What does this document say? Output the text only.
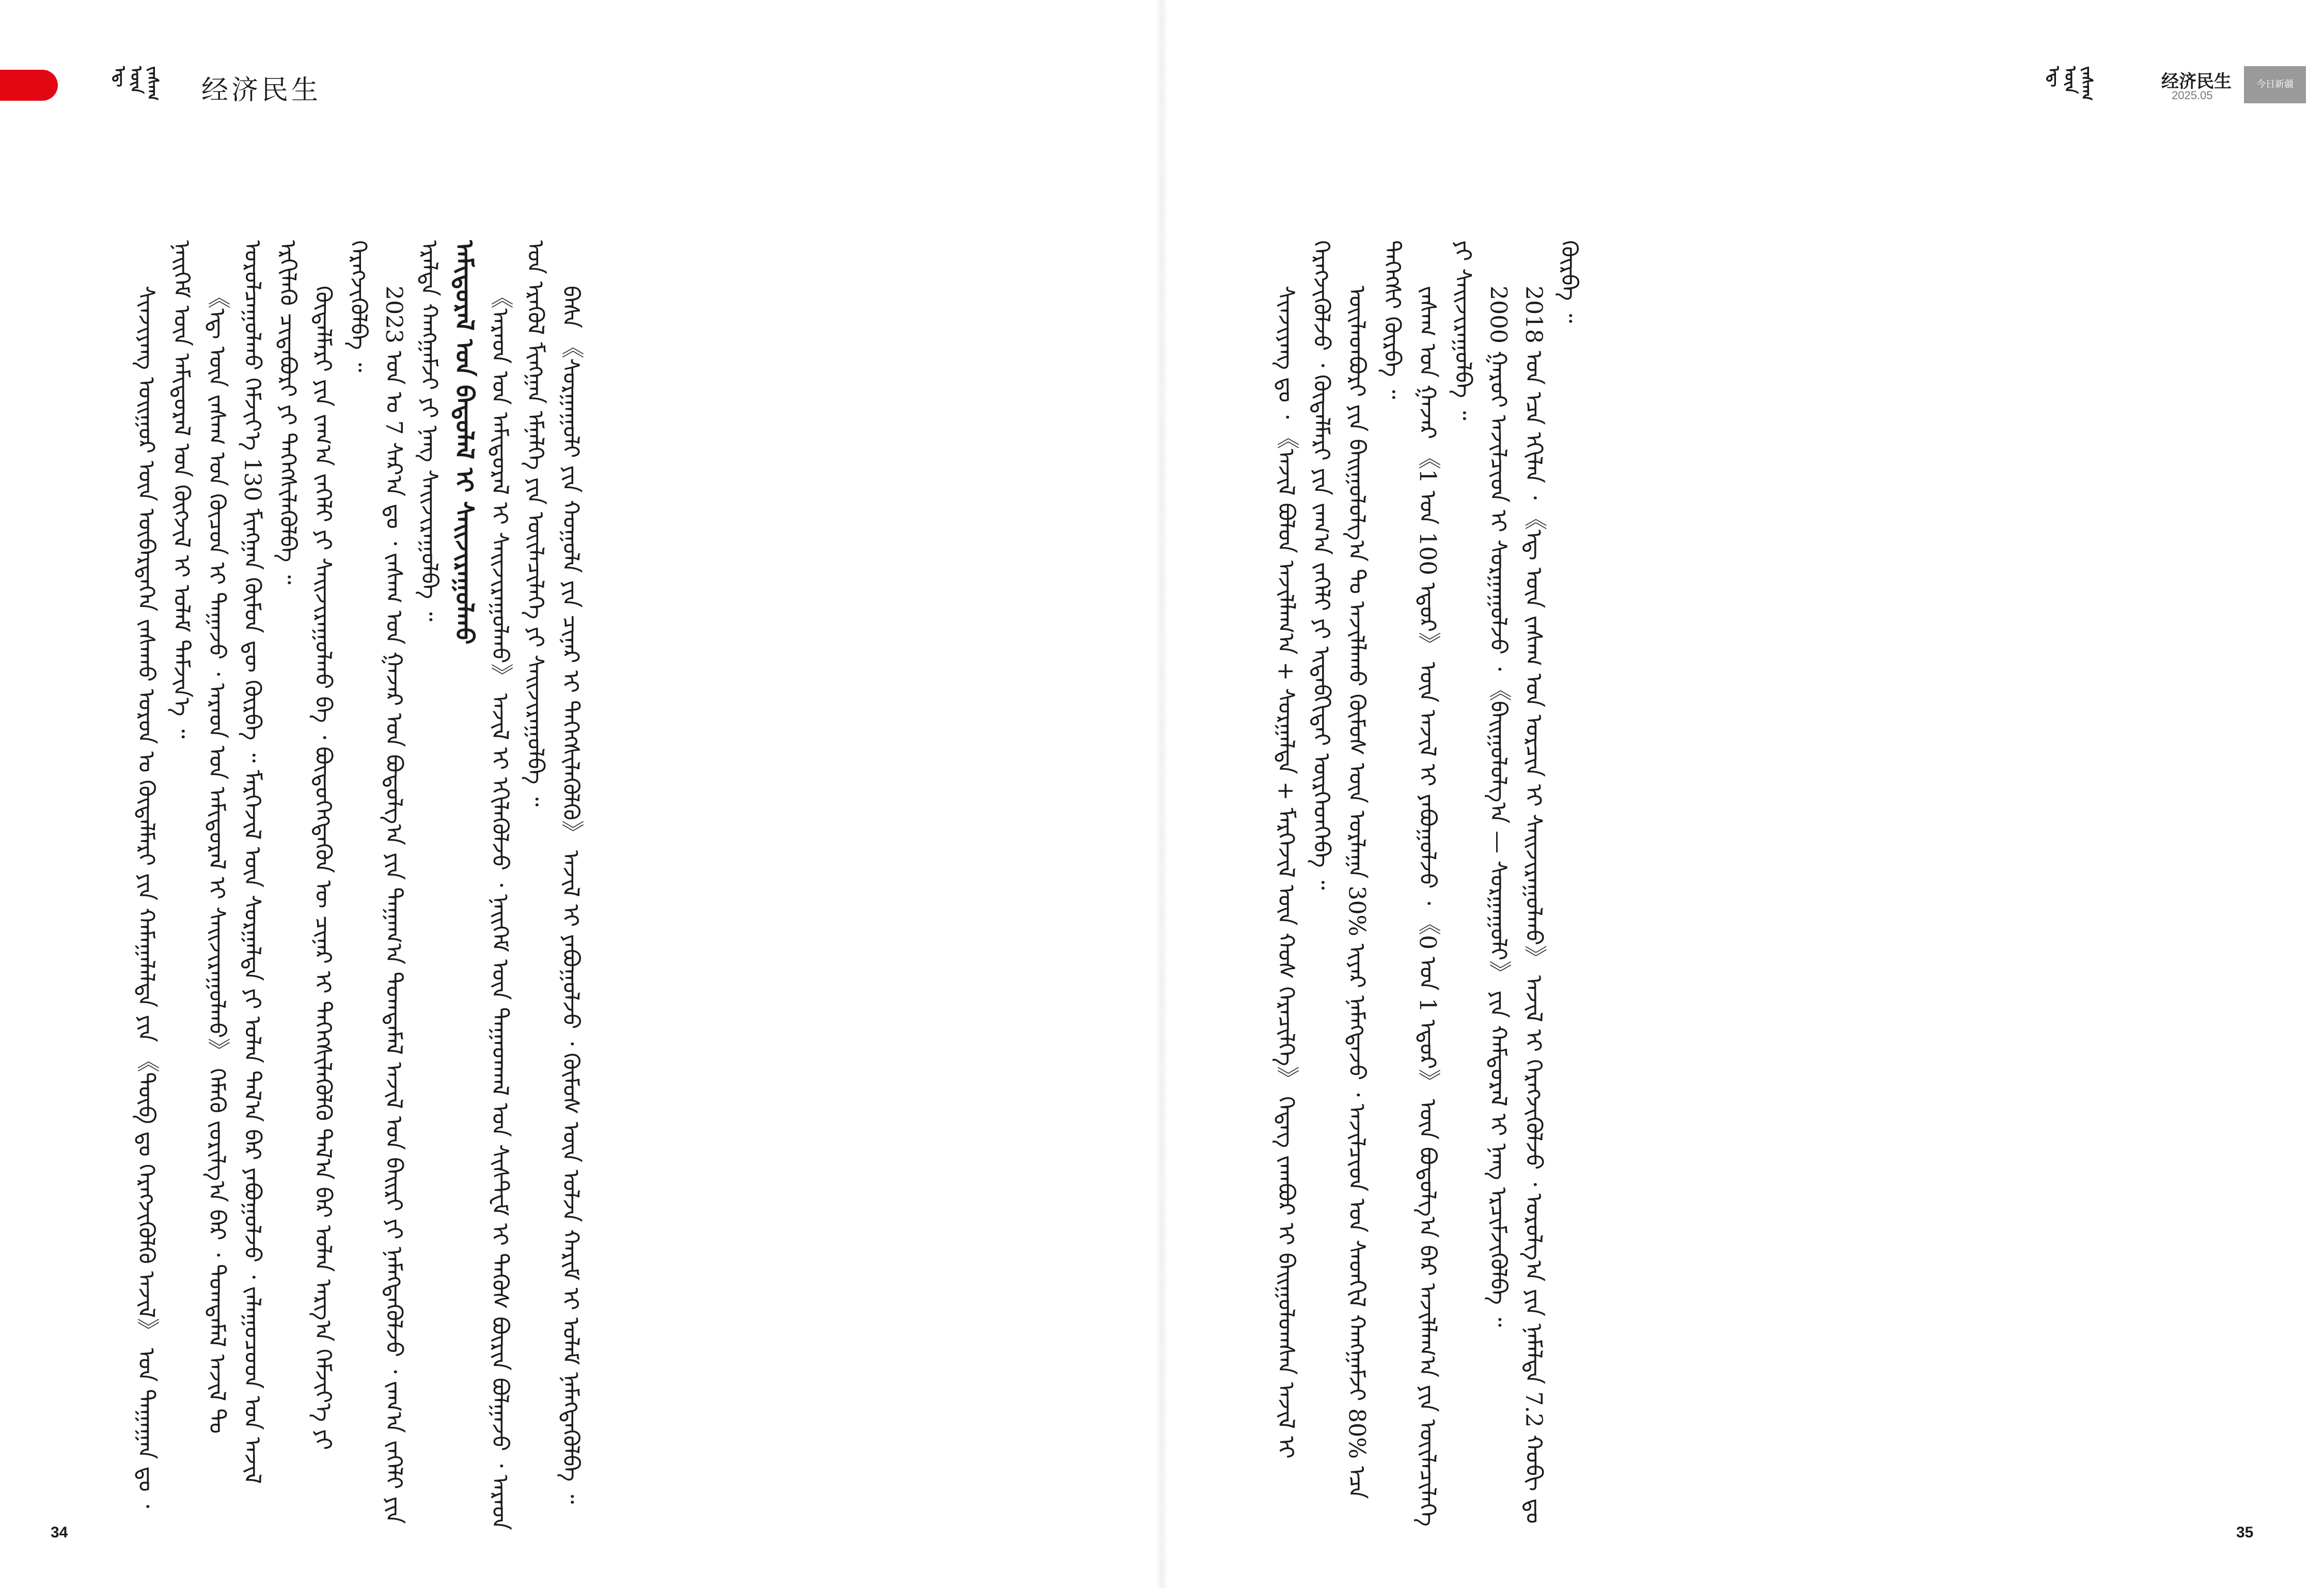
ᠡᠳ᠋ ᠦᠨ ᠵᠠᠰᠠᠭ	经济民生

ᠰᠢᠨᠵᠢᠶᠠᠩ ᠤᠢᠭᠤᠷ ᠦᠨ ᠥᠪᠡᠷᠲᠡᠭᠡᠨ ᠵᠠᠰᠠᠬᠤ ᠣᠷᠤᠨ ᠤ ᠬᠥᠳᠡᠯᠮᠡᠷᠢ ᠶᠢᠨ ᠬᠠᠮᠠᠭᠠᠯᠠᠯᠲᠠ ᠶᠢᠨ 《ᠲᠥᠪ ᠳᠤ ᠬᠡᠷᠡᠭᠵᠢᠭᠦᠯᠬᠦ ᠠᠵᠢᠯ》 ᠤᠨ ᠳᠠᠭᠠᠭᠠᠨ ᠳᠤ ᠂ ᠨᠡᠢᠭᠡᠮ ᠦᠨ ᠠᠮᠢᠳᠤᠷᠠᠯ ᠤᠨ ᠬᠥᠭᠵᠢᠯ ᠢ ᠤᠯᠠᠮ ᠳᠡᠮᠵᠢᠨ᠎ᠡ ᠃ 《ᠡᠳ᠋ ᠦᠨ ᠵᠠᠰᠠᠭ ᠤᠨ ᠬᠦᠴᠦᠨ ᠢ ᠳᠠᠭᠠᠵᠤ ᠂ ᠠᠷᠠᠳ ᠤᠨ ᠠᠮᠢᠳᠤᠷᠠᠯ ᠢ ᠰᠠᠢᠵᠢᠷᠠᠭᠤᠯᠬᠤ》 ᠬᠡᠮᠡᠬᠦ ᠵᠣᠷᠢᠯᠭ᠎ᠠ ᠪᠠᠷ ᠂ ᠲᠣᠭᠲᠠᠮᠠᠯ ᠠᠵᠢᠯ ᠲᠤ ᠣᠷᠤᠯᠴᠠᠭᠤᠯᠬᠤ ᠬᠡᠮᠵᠢᠶ᠎ᠡ 130 ᠮᠢᠩᠭ᠋ᠠᠨ ᠬᠦᠮᠦᠨ ᠳᠦ ᠬᠦᠷᠪᠡ ᠃ ᠮᠡᠷᠭᠡᠵᠢᠯ ᠦᠨ ᠰᠤᠷᠭᠠᠯᠲᠠ ᠶᠢ ᠣᠯᠠᠨ ᠲᠠᠯ᠎ᠠ ᠪᠠᠷ ᠶᠠᠪᠤᠭᠤᠯᠵᠤ ᠂ ᠵᠠᠯᠠᠭᠤᠴᠤᠳ ᠤᠨ ᠠᠵᠢᠯ ᠡᠷᠬᠢᠯᠡᠬᠦ ᠴᠢᠳᠠᠪᠤᠷᠢ ᠶᠢ ᠳᠡᠭᠡᠭᠰᠢᠯᠡᠭᠦᠯᠪᠡ ᠃ ᠬᠥᠳᠡᠯᠮᠡᠷᠢ ᠶᠢᠨ ᠵᠠᠬ᠎ᠠ ᠵᠡᠭᠡᠯᠢ ᠶᠢ ᠰᠠᠢᠵᠢᠷᠠᠭᠤᠯᠬᠤ ᠪᠠ ᠂ ᠪᠦᠲᠦᠭᠡᠭᠳᠡᠬᠦᠨ ᠦ ᠴᠢᠨᠠᠷ ᠢ ᠳᠡᠭᠡᠭᠰᠢᠯᠡᠭᠦᠯᠬᠦ ᠲᠠᠯ᠎ᠠ ᠪᠠᠷ ᠣᠯᠠᠨ ᠠᠷᠭ᠎ᠠ ᠬᠡᠮᠵᠢᠶ᠎ᠡ ᠶᠢ ᠬᠡᠷᠡᠭᠵᠢᠭᠦᠯᠪᠡ ᠃ 2023 ᠣᠨ ᠤ 7 ᠰᠠᠷ᠎ᠠ ᠳᠤ ᠂ ᠵᠠᠰᠠᠭ ᠤᠨ ᠭᠠᠵᠠᠷ ᠤᠨ ᠪᠣᠳᠣᠯᠭ᠎ᠠ ᠶᠢᠨ ᠳᠠᠭᠠᠭ᠎ᠠ ᠲᠣᠭᠲᠠᠮᠠᠯ ᠠᠵᠢᠯ ᠤᠨ ᠪᠠᠢᠷᠢ ᠶᠢ ᠨᠡᠮᠡᠭᠳᠡᠭᠦᠯᠵᠦ ᠂ ᠵᠠᠬ᠎ᠠ ᠵᠡᠭᠡᠯᠢ ᠶᠢᠨ ᠡᠷᠡᠯᠲᠡ ᠬᠠᠩᠭᠠᠮᠵᠢ ᠶᠢ ᠨᠡᠩ ᠰᠠᠢᠵᠢᠷᠠᠭᠤᠯᠪᠠ ᠃ ᠠᠮᠢᠳᠤᠷᠠᠯ ᠤᠨ ᠪᠠᠲᠤᠯᠠᠯ ᠢ ᠰᠠᠢᠵᠢᠷᠠᠭᠤᠯᠬᠤ 《ᠠᠷᠠᠳ ᠤᠨ ᠠᠮᠢᠳᠤᠷᠠᠯ ᠢ ᠰᠠᠢᠵᠢᠷᠠᠭᠤᠯᠬᠤ》 ᠠᠵᠢᠯ ᠢ ᠡᠬᠢᠯᠡᠭᠦᠯᠵᠦ ᠂ ᠨᠡᠢᠭᠡᠮ ᠦᠨ ᠳᠠᠭᠠᠳᠭᠠᠯ ᠤᠨ ᠰᠢᠰᠲ᠋ᠧᠮ ᠢ ᠲᠡᠭᠦᠰ ᠪᠦᠷᠢᠨ ᠪᠣᠯᠭᠠᠵᠤ ᠂ ᠠᠷᠠᠳ ᠤᠨ ᠡᠷᠡᠭᠦᠯ ᠮᠢᠩᠭ᠋ᠠᠨ ᠡᠮᠨᠡᠯᠭᠡ ᠶᠢᠨ ᠦᠢᠯᠡᠴᠢᠯᠡᠭᠡ ᠶᠢ ᠰᠠᠢᠵᠢᠷᠠᠭᠤᠯᠪᠠ ᠃ ᠪᠠᠰᠠ 《ᠰᠤᠷᠭᠠᠭᠤᠯᠢ ᠶᠢᠨ ᠬᠣᠭᠣᠯᠠ ᠶᠢᠨ ᠴᠢᠨᠠᠷ ᠢ ᠳᠡᠭᠡᠭᠰᠢᠯᠡᠭᠦᠯᠬᠦ》 ᠠᠵᠢᠯ ᠢ ᠶᠠᠪᠤᠭᠤᠯᠵᠤ ᠂ ᠬᠦᠮᠦᠰ ᠦᠨ ᠣᠯᠵᠠ ᠬᠠᠷᠢᠮ ᠢ ᠤᠯᠠᠮ ᠨᠡᠮᠡᠭᠳᠡᠭᠦᠯᠪᠡ ᠃

34
ᠡᠳ᠋ ᠦᠨ ᠵᠠᠰᠠᠭ	经济民生
2025.05
今日新疆

ᠰᠢᠨᠵᠢᠶᠠᠩ ᠳᠤ ᠂ 《ᠠᠵᠢᠯ ᠪᠣᠯᠤᠨ ᠠᠵᠢᠯᠯᠠᠭ᠎ᠠ + ᠰᠤᠷᠭᠠᠯᠲᠠ + ᠮᠡᠷᠭᠡᠵᠢᠯ ᠦᠨ ᠬᠣᠰ ᠭᠡᠷᠡᠴᠢᠯᠭᠡ》 ᠭᠡᠳᠡᠭ ᠵᠠᠭᠪᠤᠷ ᠢ ᠪᠠᠢᠭᠤᠯᠤᠭᠰᠠᠨ ᠠᠵᠢᠯ ᠢ ᠬᠡᠷᠡᠭᠵᠢᠭᠦᠯᠵᠦ ᠂ ᠬᠥᠳᠡᠯᠮᠡᠷᠢ ᠶᠢᠨ ᠵᠠᠬ᠎ᠠ ᠵᠡᠭᠡᠯᠢ ᠶᠢ ᠢᠳᠡᠪᠬᠢᠳᠡᠢ ᠦᠷᠭᠡᠳᠬᠡᠪᠡ ᠃ ᠦᠢᠯᠡᠳᠪᠦᠷᠢ ᠶᠢᠨ ᠪᠠᠢᠭᠤᠯᠤᠯᠭ᠎ᠠ ᠲᠤ ᠠᠵᠢᠯᠯᠠᠬᠤ ᠬᠦᠮᠦᠰ ᠦᠨ ᠣᠷᠯᠠᠭᠠ 30% ᠢᠶᠡᠷ ᠨᠡᠮᠡᠭᠳᠡᠵᠦ ᠂ ᠠᠵᠢᠯᠴᠢᠳ ᠤᠨ ᠰᠡᠳᠬᠢᠯ ᠬᠠᠩᠭᠠᠮᠵᠢ 80% ᠡᠴᠡ ᠳᠡᠭᠡᠭᠰᠢ ᠬᠦᠷᠪᠡ ᠃ ᠵᠠᠰᠠᠭ ᠤᠨ ᠭᠠᠵᠠᠷ 《1 ᠣᠨ 100 ᠡᠳᠦᠷ》 ᠦᠨ ᠠᠵᠢᠯ ᠢ ᠶᠠᠪᠤᠭᠤᠯᠵᠤ ᠂ 《0 ᠣᠨ 1 ᠡᠳᠦᠷ》 ᠦᠨ ᠪᠣᠳᠣᠯᠭ᠎ᠠ ᠪᠠᠷ ᠠᠵᠢᠯᠯᠠᠭ᠎ᠠ ᠶᠢᠨ ᠦᠢᠯᠡᠴᠢᠯᠡᠭᠡ ᠶᠢ ᠰᠠᠢᠵᠢᠷᠠᠭᠤᠯᠪᠠ ᠃ 2000 ᠭᠠᠷᠤᠢ ᠠᠵᠢᠯᠴᠢᠳ ᠢ ᠰᠤᠷᠭᠠᠭᠤᠯᠵᠤ ᠂ 《ᠪᠠᠢᠭᠤᠯᠤᠯᠭ᠎ᠠ — ᠰᠤᠷᠭᠠᠭᠤᠯᠢ》 ᠶᠢᠨ ᠬᠠᠮᠲᠤᠷᠠᠯ ᠢ ᠨᠡᠩ ᠡᠷᠴᠢᠮᠵᠢᠭᠦᠯᠪᠡ ᠃ 2018 ᠣᠨ ᠡᠴᠡ ᠡᠬᠢᠯᠡᠨ ᠂ 《ᠡᠳ᠋ ᠦᠨ ᠵᠠᠰᠠᠭ ᠤᠨ ᠣᠷᠴᠢᠨ ᠢ ᠰᠠᠢᠵᠢᠷᠠᠭᠤᠯᠬᠤ》 ᠠᠵᠢᠯ ᠢ ᠬᠡᠷᠡᠭᠵᠢᠭᠦᠯᠵᠦ ᠂ ᠣᠷᠤᠯᠭ᠎ᠠ ᠶᠢᠨ ᠨᠡᠮᠡᠯᠲᠡ 7.2 ᠬᠤᠪᠢ ᠳᠤ ᠬᠦᠷᠪᠡ ᠃

35
